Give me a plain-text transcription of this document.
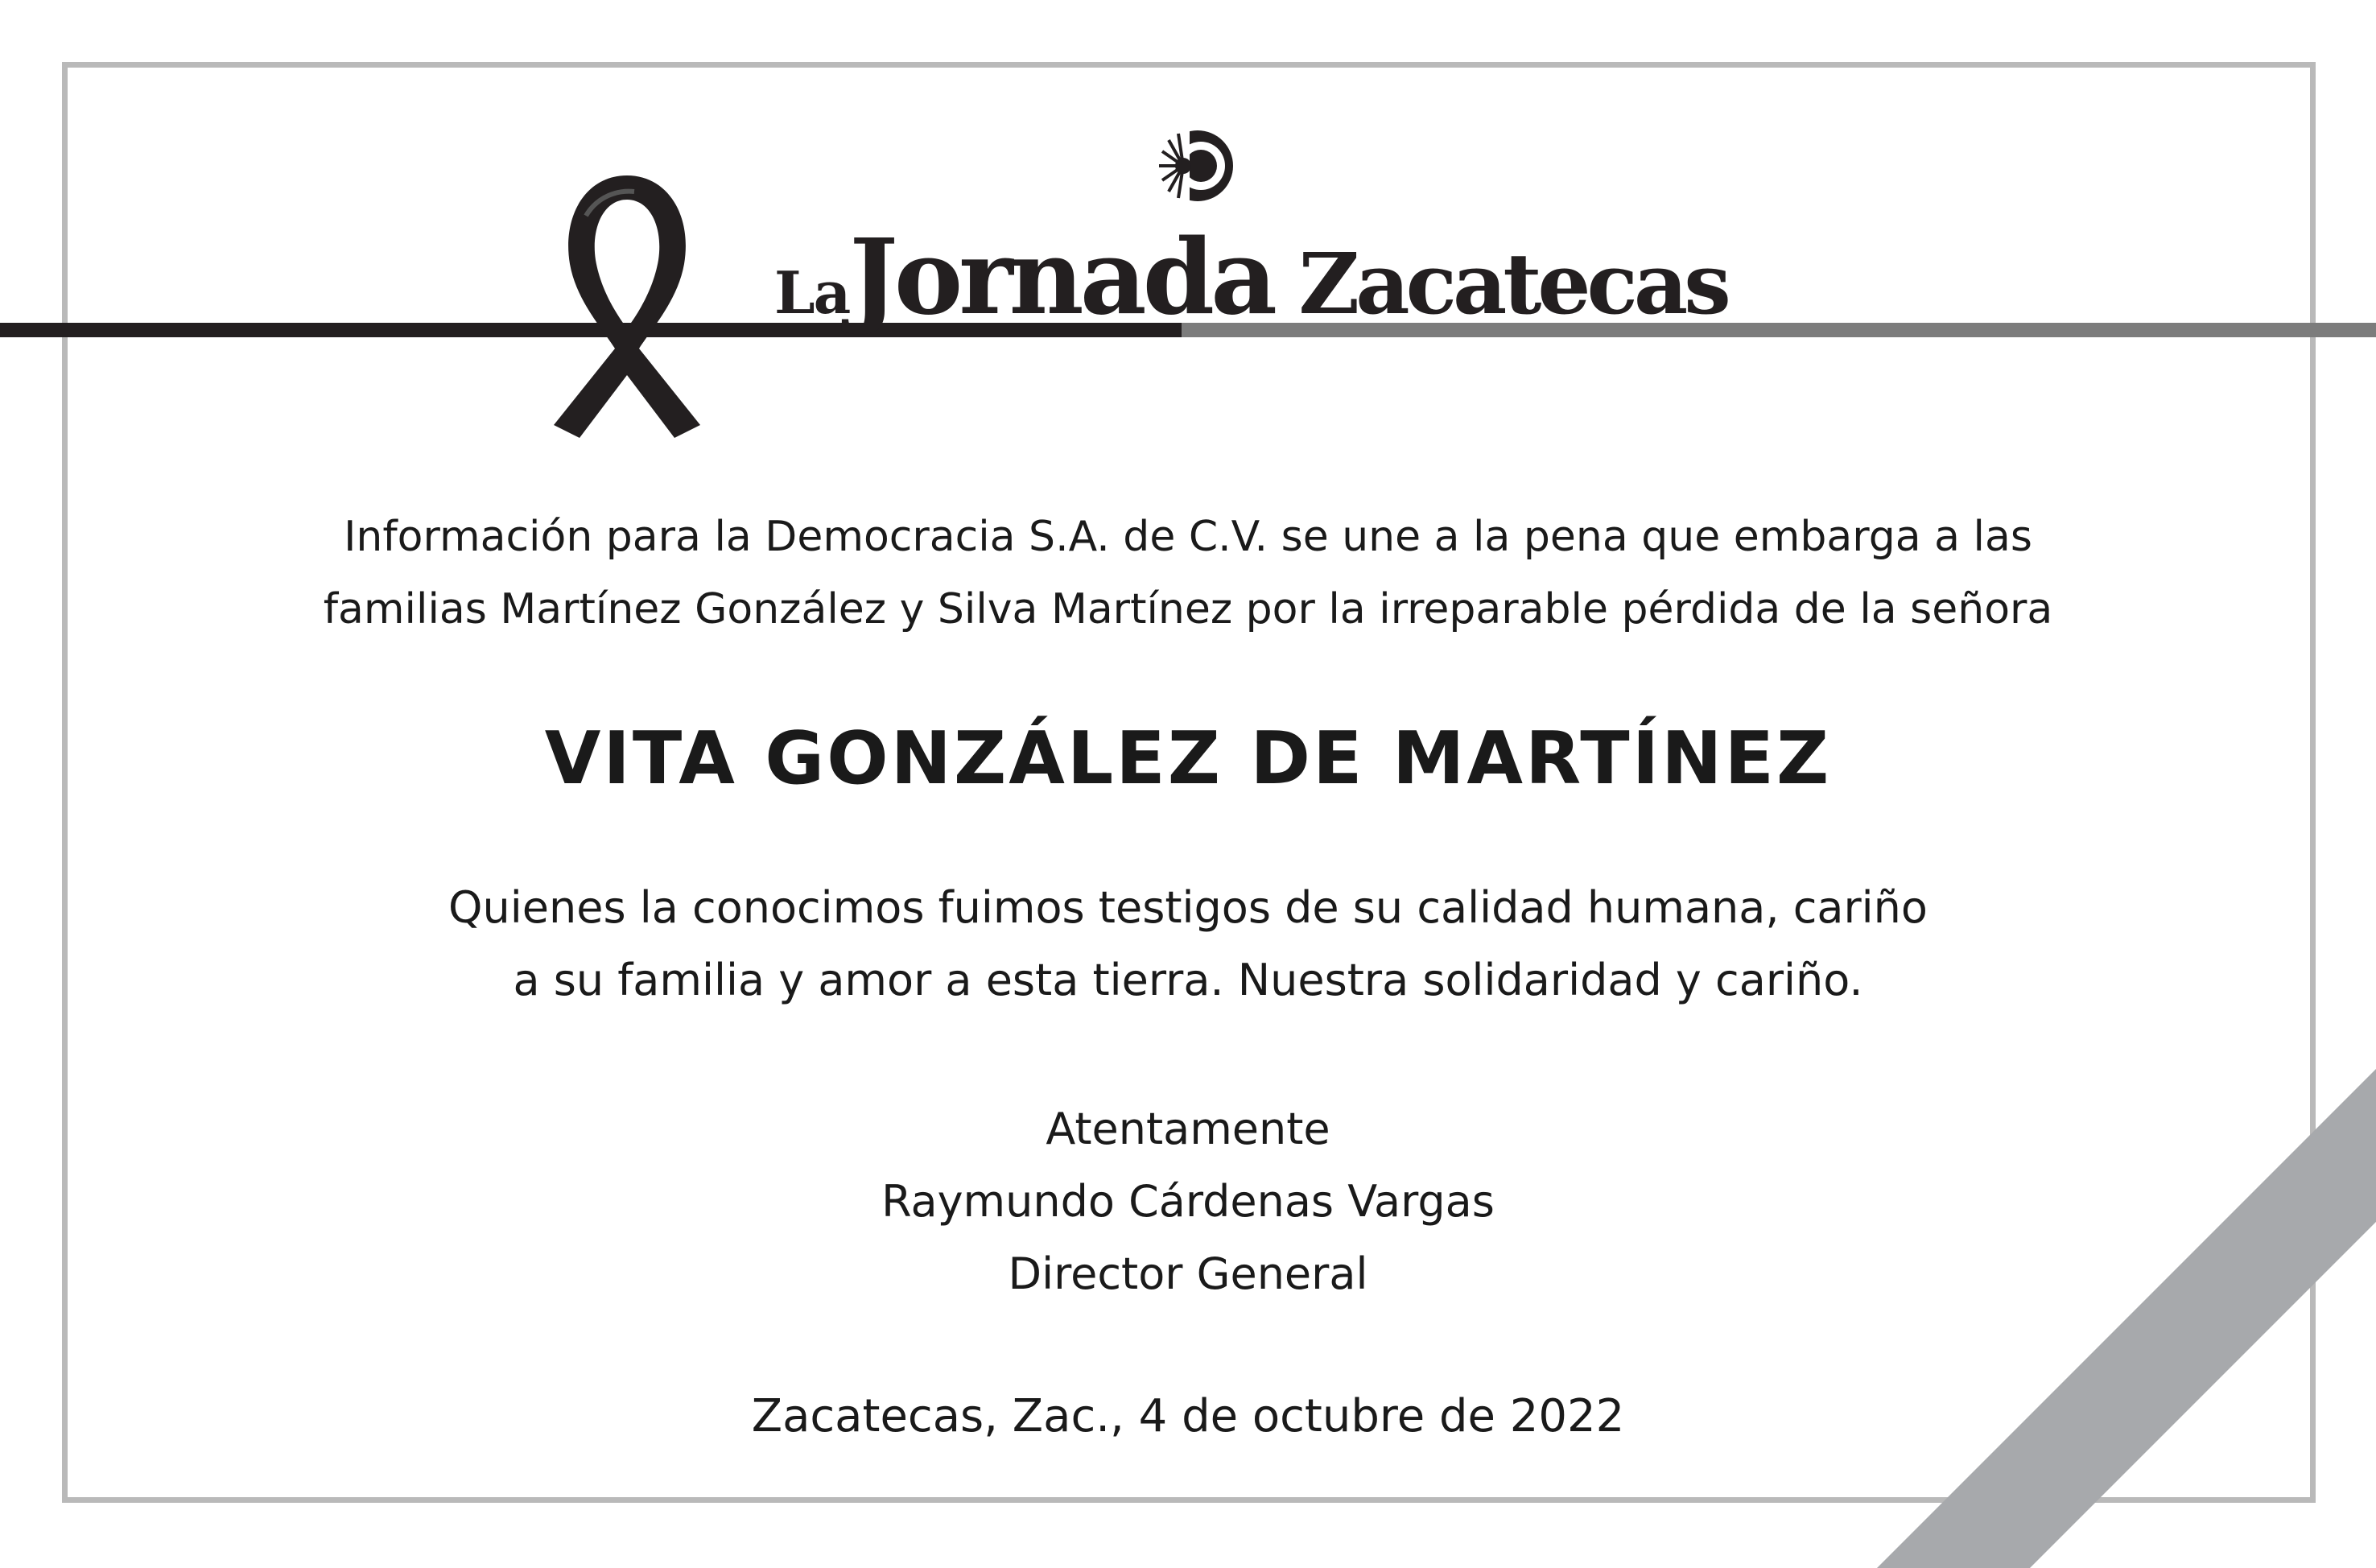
LaJornada Zacatecas
Información para la Democracia S.A. de C.V. se une a la pena que embarga a las
familias Martínez González y Silva Martínez por la irreparable pérdida de la señora
VITA GONZÁLEZ DE MARTÍNEZ
Quienes la conocimos fuimos testigos de su calidad humana, cariño
a su familia y amor a esta tierra. Nuestra solidaridad y cariño.
Atentamente
Raymundo Cárdenas Vargas
Director General
Zacatecas, Zac., 4 de octubre de 2022
